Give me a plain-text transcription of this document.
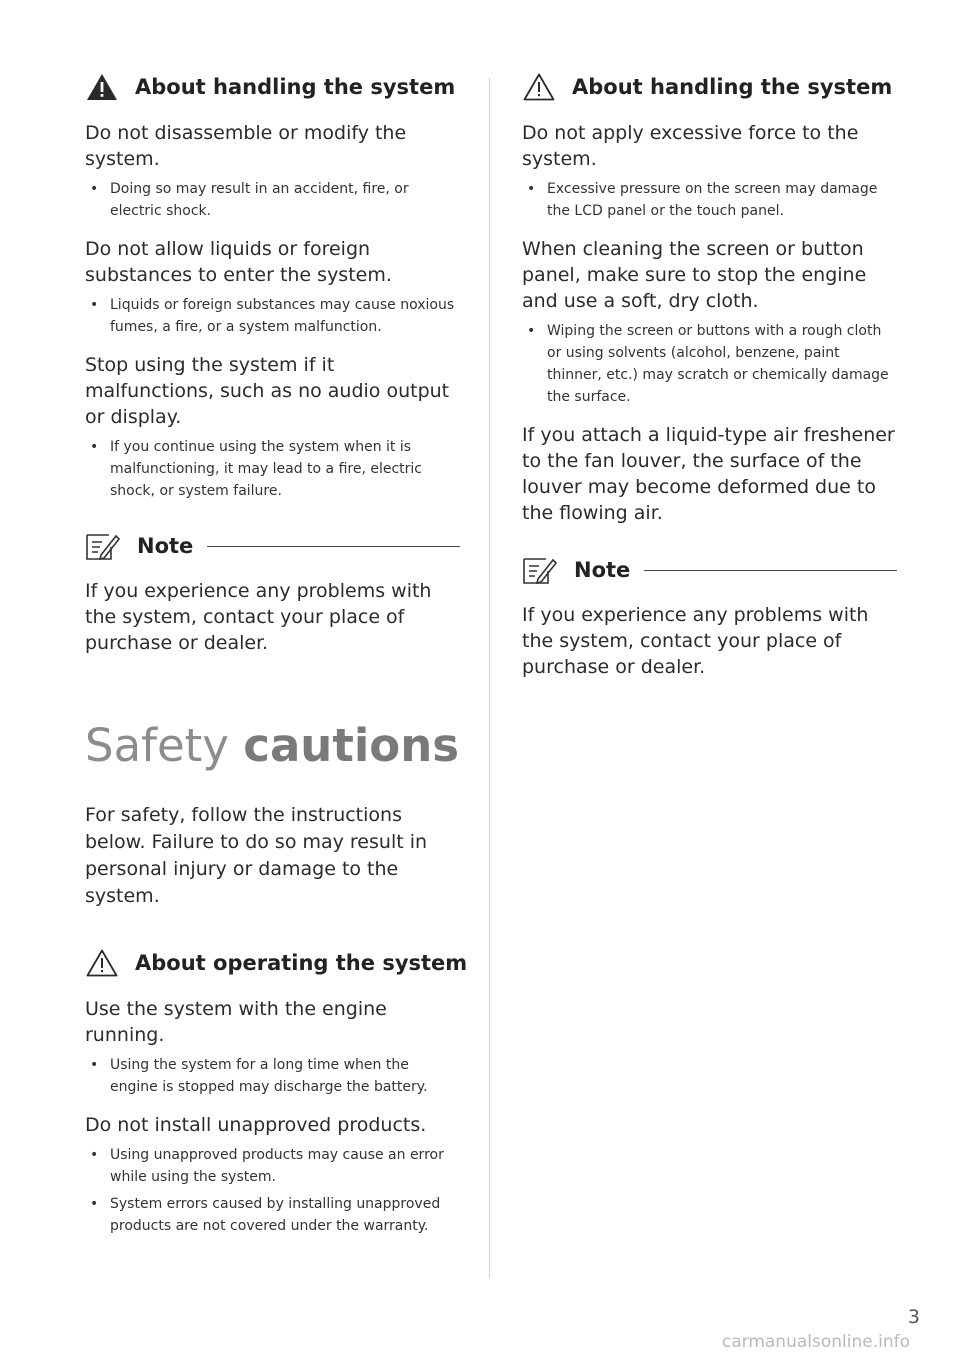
About handling the system

Do not disassemble or modify the system.

• Doing so may result in an accident, fire, or electric shock.

Do not allow liquids or foreign substances to enter the system.

• Liquids or foreign substances may cause noxious fumes, a fire, or a system malfunction.

Stop using the system if it malfunctions, such as no audio output or display.

• If you continue using the system when it is malfunctioning, it may lead to a fire, electric shock, or system failure.
Note

If you experience any problems with the system, contact your place of purchase or dealer.

Safety cautions

For safety, follow the instructions below. Failure to do so may result in personal injury or damage to the system.

About operating the system

Use the system with the engine running.

• Using the system for a long time when the engine is stopped may discharge the battery.

Do not install unapproved products.

• Using unapproved products may cause an error while using the system.
• System errors caused by installing unapproved products are not covered under the warranty.
About handling the system

Do not apply excessive force to the system.

• Excessive pressure on the screen may damage the LCD panel or the touch panel.

When cleaning the screen or button panel, make sure to stop the engine and use a soft, dry cloth.

• Wiping the screen or buttons with a rough cloth or using solvents (alcohol, benzene, paint thinner, etc.) may scratch or chemically damage the surface.

If you attach a liquid-type air freshener to the fan louver, the surface of the louver may become deformed due to the flowing air.

Note

If you experience any problems with the system, contact your place of purchase or dealer.

3
carmanualsonline.info
